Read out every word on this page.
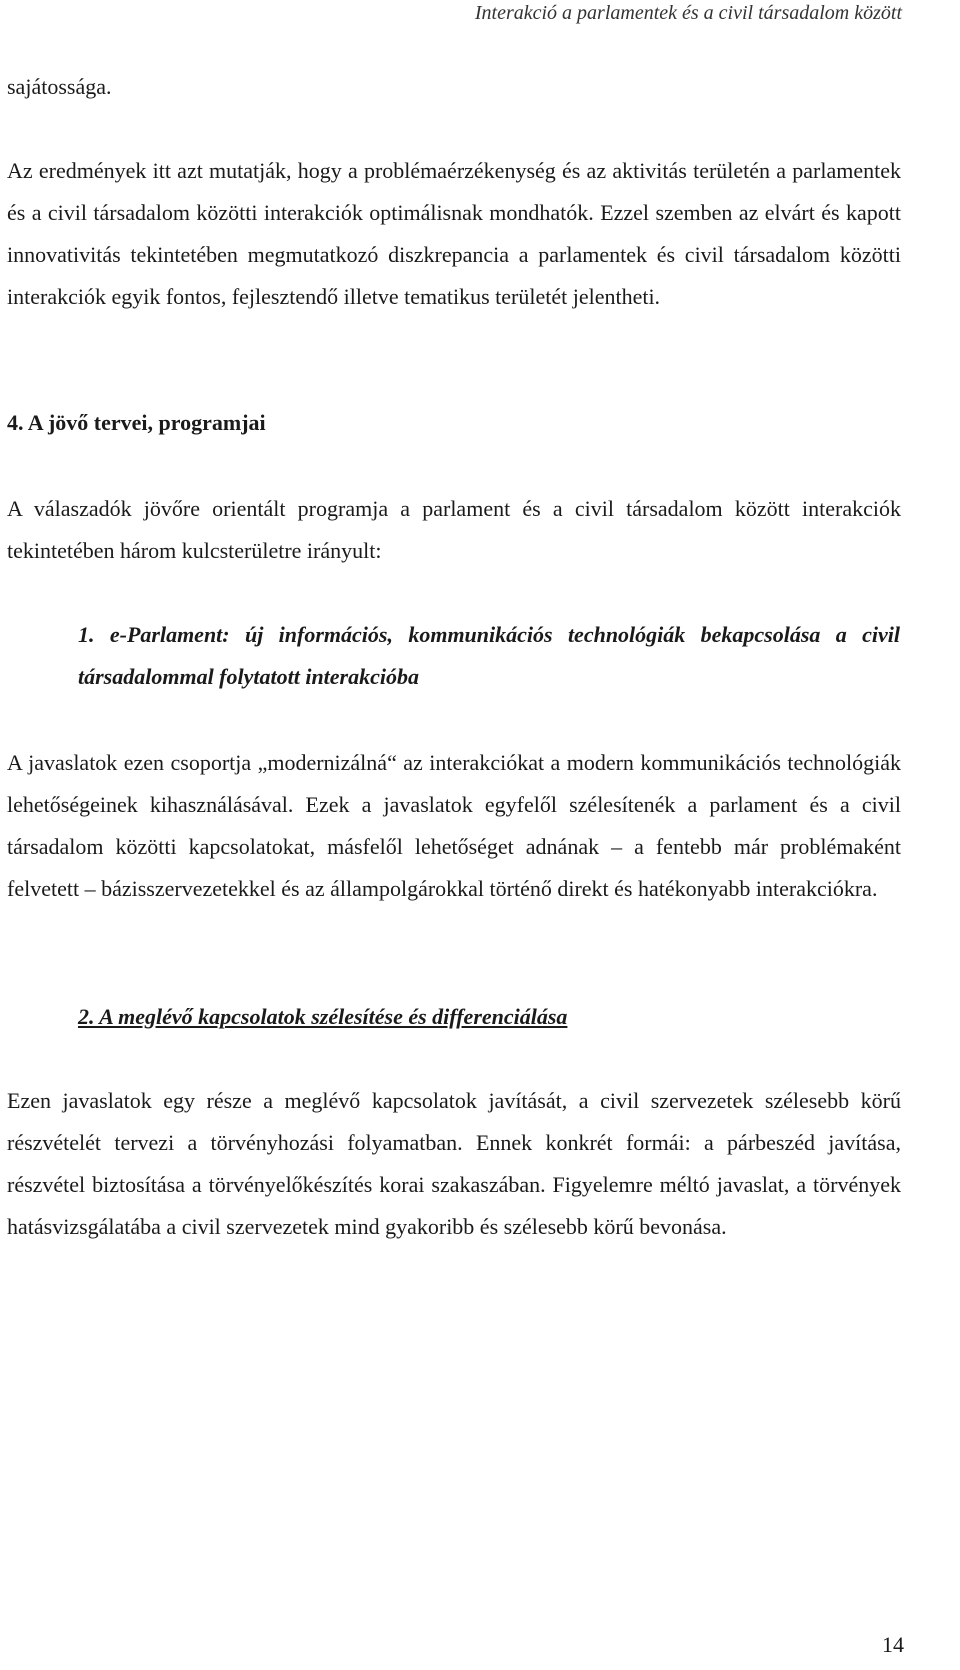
Interakció a parlamentek és a civil társadalom között
sajátossága.
Az eredmények itt azt mutatják, hogy a problémaérzékenység és az aktivitás területén a parlamentek és a civil társadalom közötti interakciók optimálisnak mondhatók. Ezzel szemben az elvárt és kapott innovativitás tekintetében megmutatkozó diszkrepancia a parlamentek és civil társadalom közötti interakciók egyik fontos, fejlesztendő illetve tematikus területét jelentheti.
4. A jövő tervei, programjai
A válaszadók jövőre orientált programja a parlament és a civil társadalom között interakciók tekintetében három kulcsterületre irányult:
1. e-Parlament: új információs, kommunikációs technológiák bekapcsolása a civil társadalommal folytatott interakcióba
A javaslatok ezen csoportja „modernizálná“ az interakciókat a modern kommunikációs technológiák lehetőségeinek kihasználásával. Ezek a javaslatok egyfelől szélesítenék a parlament és a civil társadalom közötti kapcsolatokat, másfelől lehetőséget adnának – a fentebb már problémaként felvetett – bázisszervezetekkel és az állampolgárokkal történő direkt és hatékonyabb interakciókra.
2. A meglévő kapcsolatok szélesítése és differenciálása
Ezen javaslatok egy része a meglévő kapcsolatok javítását, a civil szervezetek szélesebb körű részvételét tervezi a törvényhozási folyamatban. Ennek konkrét formái: a párbeszéd javítása, részvétel biztosítása a törvényelőkészítés korai szakaszában. Figyelemre méltó javaslat, a törvények hatásvizsgálatába a civil szervezetek mind gyakoribb és szélesebb körű bevonása.
14
